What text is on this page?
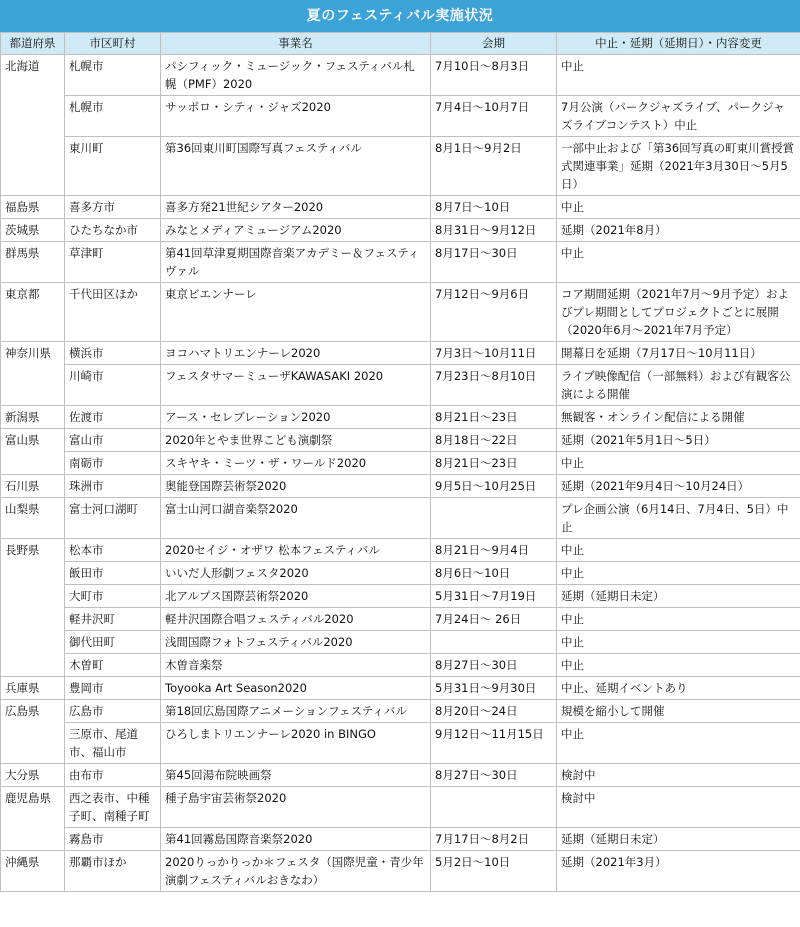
夏のフェスティバル実施状況
都道府県	市区町村	事業名	会期	中止・延期（延期日）・内容変更
北海道	札幌市	パシフィック・ミュージック・フェスティバル札幌（PMF）2020	7月10日～8月3日	中止
	札幌市	サッポロ・シティ・ジャズ2020	7月4日～10月7日	7月公演（パークジャズライブ、パークジャズライブコンテスト）中止
	東川町	第36回東川町国際写真フェスティバル	8月1日～9月2日	一部中止および「第36回写真の町東川賞授賞式関連事業」延期（2021年3月30日～5月5日）
福島県	喜多方市	喜多方発21世紀シアター2020	8月7日～10日	中止
茨城県	ひたちなか市	みなとメディアミュージアム2020	8月31日～9月12日	延期（2021年8月）
群馬県	草津町	第41回草津夏期国際音楽アカデミー＆フェスティヴァル	8月17日～30日	中止
東京都	千代田区ほか	東京ビエンナーレ	7月12日～9月6日	コア期間延期（2021年7月～9月予定）およびプレ期間としてプロジェクトごとに展開（2020年6月～2021年7月予定）
神奈川県	横浜市	ヨコハマトリエンナーレ2020	7月3日～10月11日	開幕日を延期（7月17日～10月11日）
	川崎市	フェスタサマーミューザKAWASAKI 2020	7月23日～8月10日	ライブ映像配信（一部無料）および有観客公演による開催
新潟県	佐渡市	アース・セレブレーション2020	8月21日～23日	無観客・オンライン配信による開催
富山県	富山市	2020年とやま世界こども演劇祭	8月18日～22日	延期（2021年5月1日～5日）
	南砺市	スキヤキ・ミーツ・ザ・ワールド2020	8月21日～23日	中止
石川県	珠洲市	奥能登国際芸術祭2020	9月5日～10月25日	延期（2021年9月4日～10月24日）
山梨県	富士河口湖町	富士山河口湖音楽祭2020		プレ企画公演（6月14日、7月4日、5日）中止
長野県	松本市	2020セイジ・オザワ 松本フェスティバル	8月21日～9月4日	中止
	飯田市	いいだ人形劇フェスタ2020	8月6日～10日	中止
	大町市	北アルプス国際芸術祭2020	5月31日～7月19日	延期（延期日未定）
	軽井沢町	軽井沢国際合唱フェスティバル2020	7月24日～ 26日	中止
	御代田町	浅間国際フォトフェスティバル2020		中止
	木曽町	木曽音楽祭	8月27日～30日	中止
兵庫県	豊岡市	Toyooka Art Season2020	5月31日～9月30日	中止、延期イベントあり
広島県	広島市	第18回広島国際アニメーションフェスティバル	8月20日～24日	規模を縮小して開催
	三原市、尾道市、福山市	ひろしまトリエンナーレ2020 in BINGO	9月12日～11月15日	中止
大分県	由布市	第45回湯布院映画祭	8月27日～30日	検討中
鹿児島県	西之表市、中種子町、南種子町	種子島宇宙芸術祭2020		検討中
	霧島市	第41回霧島国際音楽祭2020	7月17日～8月2日	延期（延期日未定）
沖縄県	那覇市ほか	2020りっかりっか＊フェスタ（国際児童・青少年演劇フェスティバルおきなわ）	5月2日～10日	延期（2021年3月）
